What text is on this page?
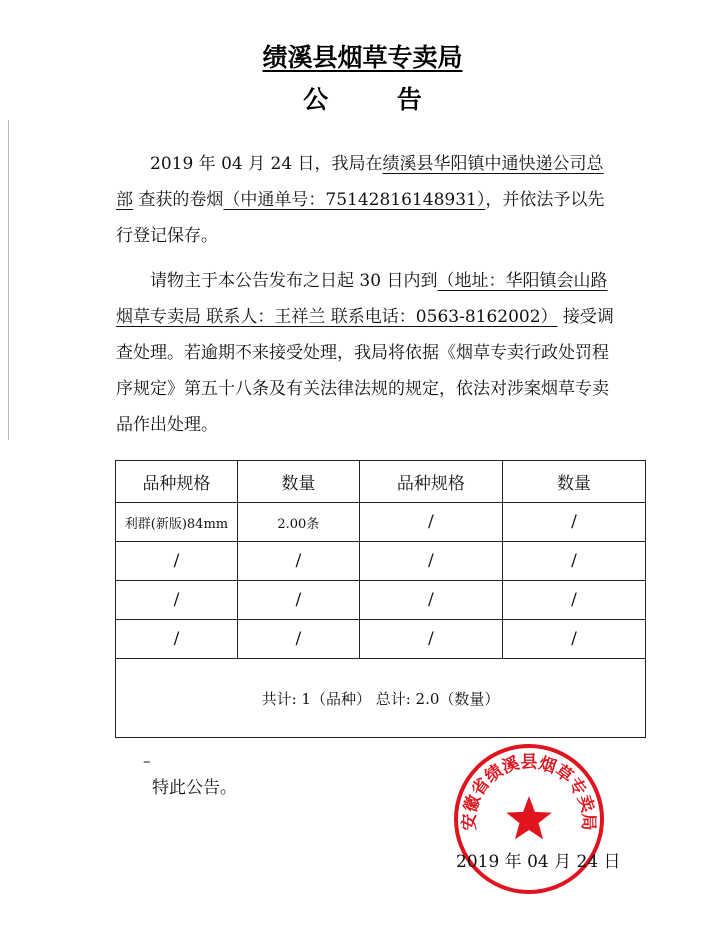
绩溪县烟草专卖局
公 告

2019 年 04 月 24 日，我局在绩溪县华阳镇中通快递公司总部 查获的卷烟（中通单号：75142816148931），并依法予以先行登记保存。

请物主于本公告发布之日起 30 日内到（地址：华阳镇会山路烟草专卖局 联系人：王祥兰 联系电话：0563-8162002） 接受调查处理。若逾期不来接受处理，我局将依据《烟草专卖行政处罚程序规定》第五十八条及有关法律法规的规定，依法对涉案烟草专卖品作出处理。

品种规格	数量	品种规格	数量
利群(新版)84mm	2.00条	/	/
/	/	/	/
/	/	/	/
/	/	/	/
共计: 1（品种） 总计: 2.0（数量）			
–
特此公告。
安徽省绩溪县烟草专卖局
2019 年 04 月 24 日
